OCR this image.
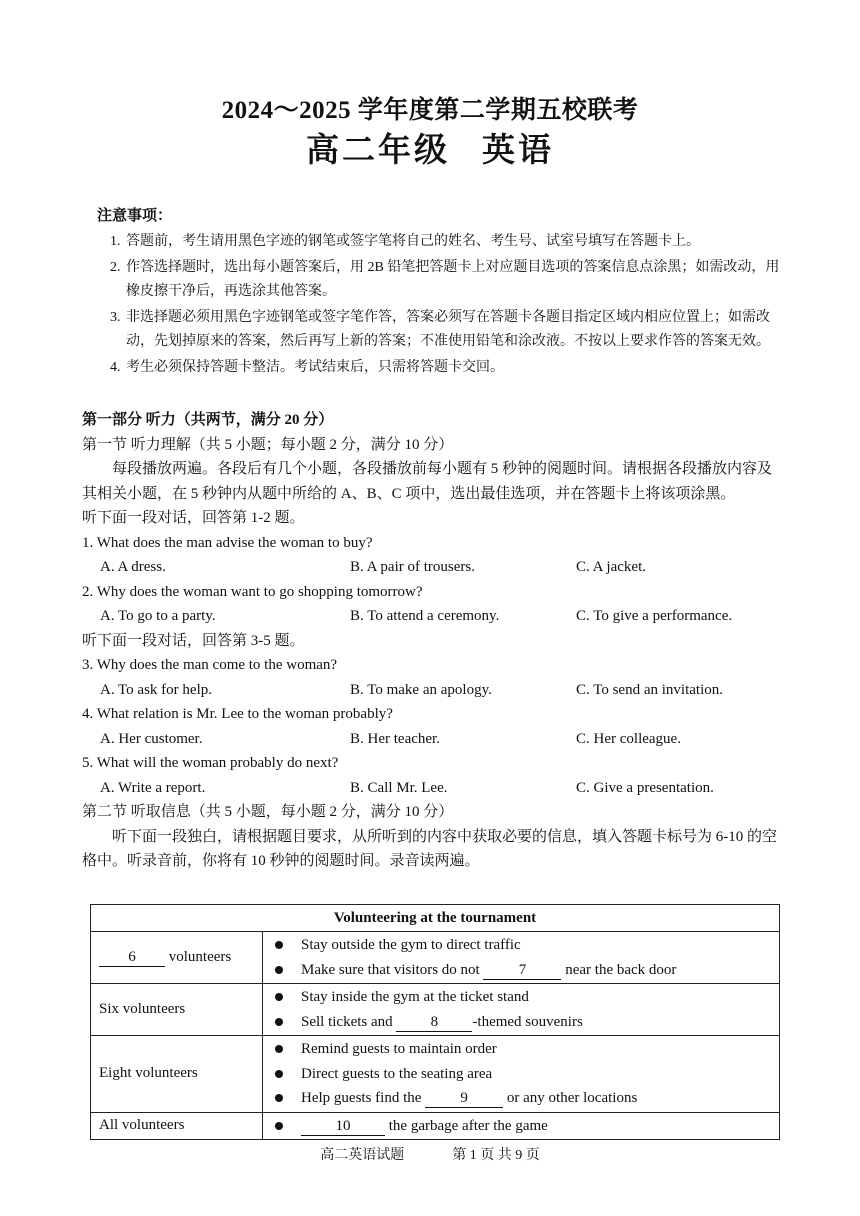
2024～2025 学年度第二学期五校联考
高二年级 英语
注意事项：
1. 答题前，考生请用黑色字迹的钢笔或签字笔将自己的姓名、考生号、试室号填写在答题卡上。
2. 作答选择题时，选出每小题答案后，用 2B 铅笔把答题卡上对应题目选项的答案信息点涂黑；如需改动，用橡皮擦干净后，再选涂其他答案。
3. 非选择题必须用黑色字迹钢笔或签字笔作答，答案必须写在答题卡各题目指定区域内相应位置上；如需改动，先划掉原来的答案，然后再写上新的答案；不准使用铅笔和涂改液。不按以上要求作答的答案无效。
4. 考生必须保持答题卡整洁。考试结束后，只需将答题卡交回。
第一部分 听力（共两节，满分 20 分）
第一节 听力理解（共 5 小题；每小题 2 分，满分 10 分）
每段播放两遍。各段后有几个小题，各段播放前每小题有 5 秒钟的阅题时间。请根据各段播放内容及其相关小题，在 5 秒钟内从题中所给的 A、B、C 项中，选出最佳选项，并在答题卡上将该项涂黑。
听下面一段对话，回答第 1-2 题。
1. What does the man advise the woman to buy?
A. A dress.	B. A pair of trousers.	C. A jacket.
2. Why does the woman want to go shopping tomorrow?
A. To go to a party.	B. To attend a ceremony.	C. To give a performance.
听下面一段对话，回答第 3-5 题。
3. Why does the man come to the woman?
A. To ask for help.	B. To make an apology.	C. To send an invitation.
4. What relation is Mr. Lee to the woman probably?
A. Her customer.	B. Her teacher.	C. Her colleague.
5. What will the woman probably do next?
A. Write a report.	B. Call Mr. Lee.	C. Give a presentation.
第二节 听取信息（共 5 小题，每小题 2 分，满分 10 分）
听下面一段独白，请根据题目要求，从所听到的内容中获取必要的信息，填入答题卡标号为 6-10 的空格中。听录音前，你将有 10 秒钟的阅题时间。录音读两遍。
Volunteering at the tournament	
6 volunteers	Stay outside the gym to direct traffic
Make sure that visitors do not 7 near the back door

Six volunteers	Stay inside the gym at the ticket stand
Sell tickets and 8 -themed souvenirs

Eight volunteers	Remind guests to maintain order
Direct guests to the seating area
Help guests find the 9 or any other locations

All volunteers	10 the garbage after the game
高二英语试题	第 1 页 共 9 页
